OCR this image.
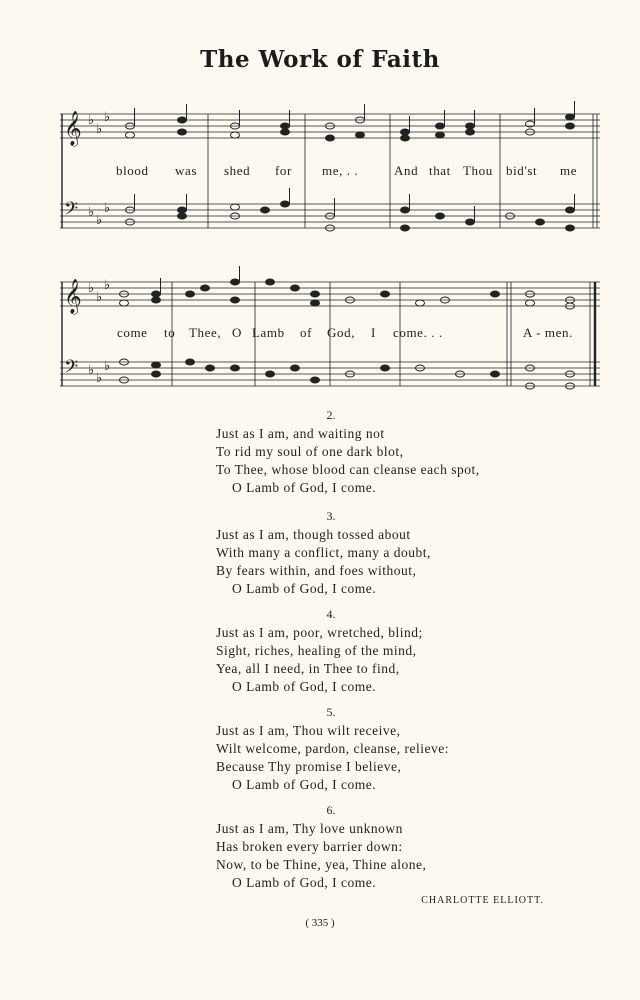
The Work of Faith
𝄞 ♭
♭
♭
𝄢 ♭
♭
♭
blood was shed for me, . .	And that Thou bid'st me
𝄞 ♭
♭
♭
𝄢 ♭
♭
♭
come to Thee, O Lamb of God, I come. . .	A - men.
2.
Just as I am, and waiting not
To rid my soul of one dark blot,
To Thee, whose blood can cleanse each spot,
O Lamb of God, I come.
3.
Just as I am, though tossed about
With many a conflict, many a doubt,
By fears within, and foes without,
O Lamb of God, I come.
4.
Just as I am, poor, wretched, blind;
Sight, riches, healing of the mind,
Yea, all I need, in Thee to find,
O Lamb of God, I come.
5.
Just as I am, Thou wilt receive,
Wilt welcome, pardon, cleanse, relieve:
Because Thy promise I believe,
O Lamb of God, I come.
6.
Just as I am, Thy love unknown
Has broken every barrier down:
Now, to be Thine, yea, Thine alone,
O Lamb of God, I come.
CHARLOTTE ELLIOTT.
( 335 )
